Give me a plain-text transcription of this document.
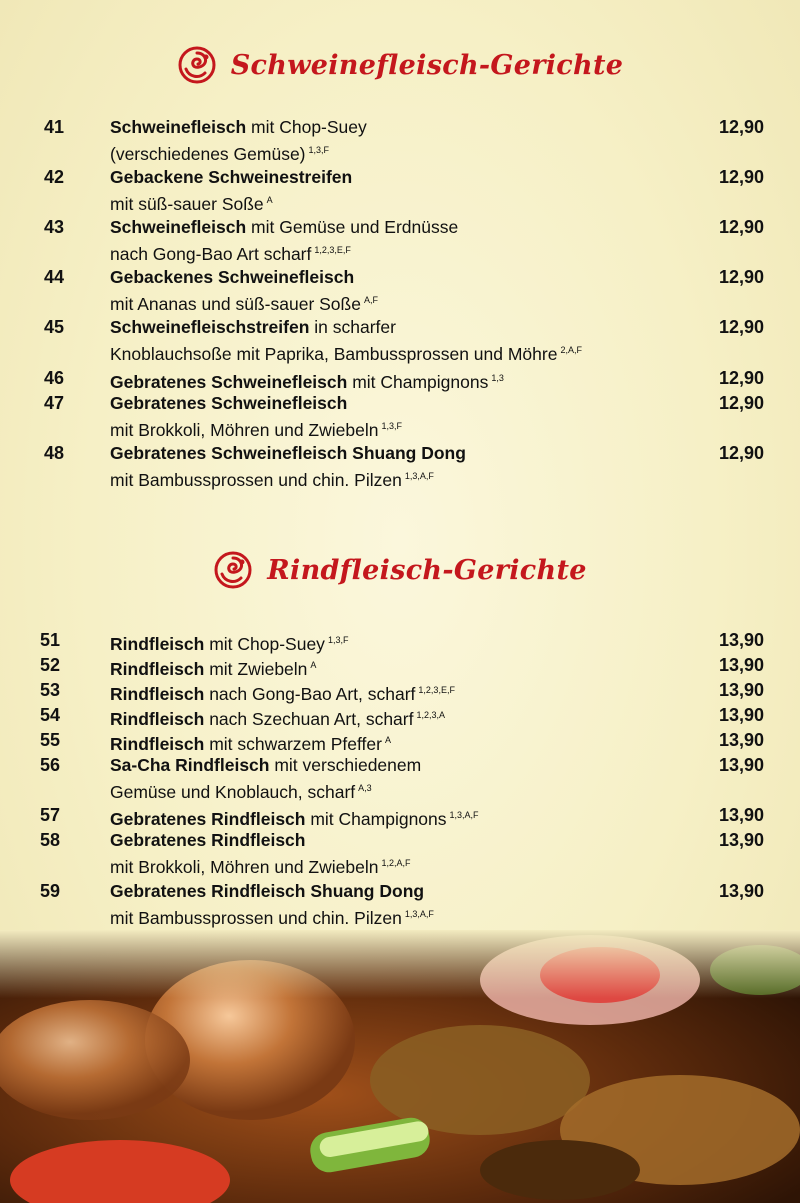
Schweinefleisch-Gerichte
41	Schweinefleisch mit Chop-Suey
(verschiedenes Gemüse) $^{1,3,F}$
12,90
42	Gebackene Schweinestreifen
mit süß-sauer Soße $^A$
12,90
43	Schweinefleisch mit Gemüse und Erdnüsse
nach Gong-Bao Art scharf $^{1,2,3,E,F}$
12,90
44	Gebackenes Schweinefleisch
mit Ananas und süß-sauer Soße $^{A,F}$
12,90
45	Schweinefleischstreifen in scharfer
Knoblauchsoße mit Paprika, Bambussprossen und Möhre $^{2,A,F}$
12,90
46	Gebratenes Schweinefleisch mit Champignons $^{1,3}$	12,90
47	Gebratenes Schweinefleisch
mit Brokkoli, Möhren und Zwiebeln $^{1,3,F}$
12,90
48	Gebratenes Schweinefleisch Shuang Dong
mit Bambussprossen und chin. Pilzen $^{1,3,A,F}$
12,90
Rindfleisch-Gerichte
51	Rindfleisch mit Chop-Suey $^{1,3,F}$	13,90
52	Rindfleisch mit Zwiebeln $^A$	13,90
53	Rindfleisch nach Gong-Bao Art, scharf $^{1,2,3,E,F}$	13,90
54	Rindfleisch nach Szechuan Art, scharf $^{1,2,3,A}$	13,90
55	Rindfleisch mit schwarzem Pfeffer $^A$	13,90
56	Sa-Cha Rindfleisch mit verschiedenem
Gemüse und Knoblauch, scharf $^{A,3}$
13,90
57	Gebratenes Rindfleisch mit Champignons $^{1,3,A,F}$	13,90
58	Gebratenes Rindfleisch
mit Brokkoli, Möhren und Zwiebeln $^{1,2,A,F}$
13,90
59	Gebratenes Rindfleisch Shuang Dong
mit Bambussprossen und chin. Pilzen $^{1,3,A,F}$
13,90
